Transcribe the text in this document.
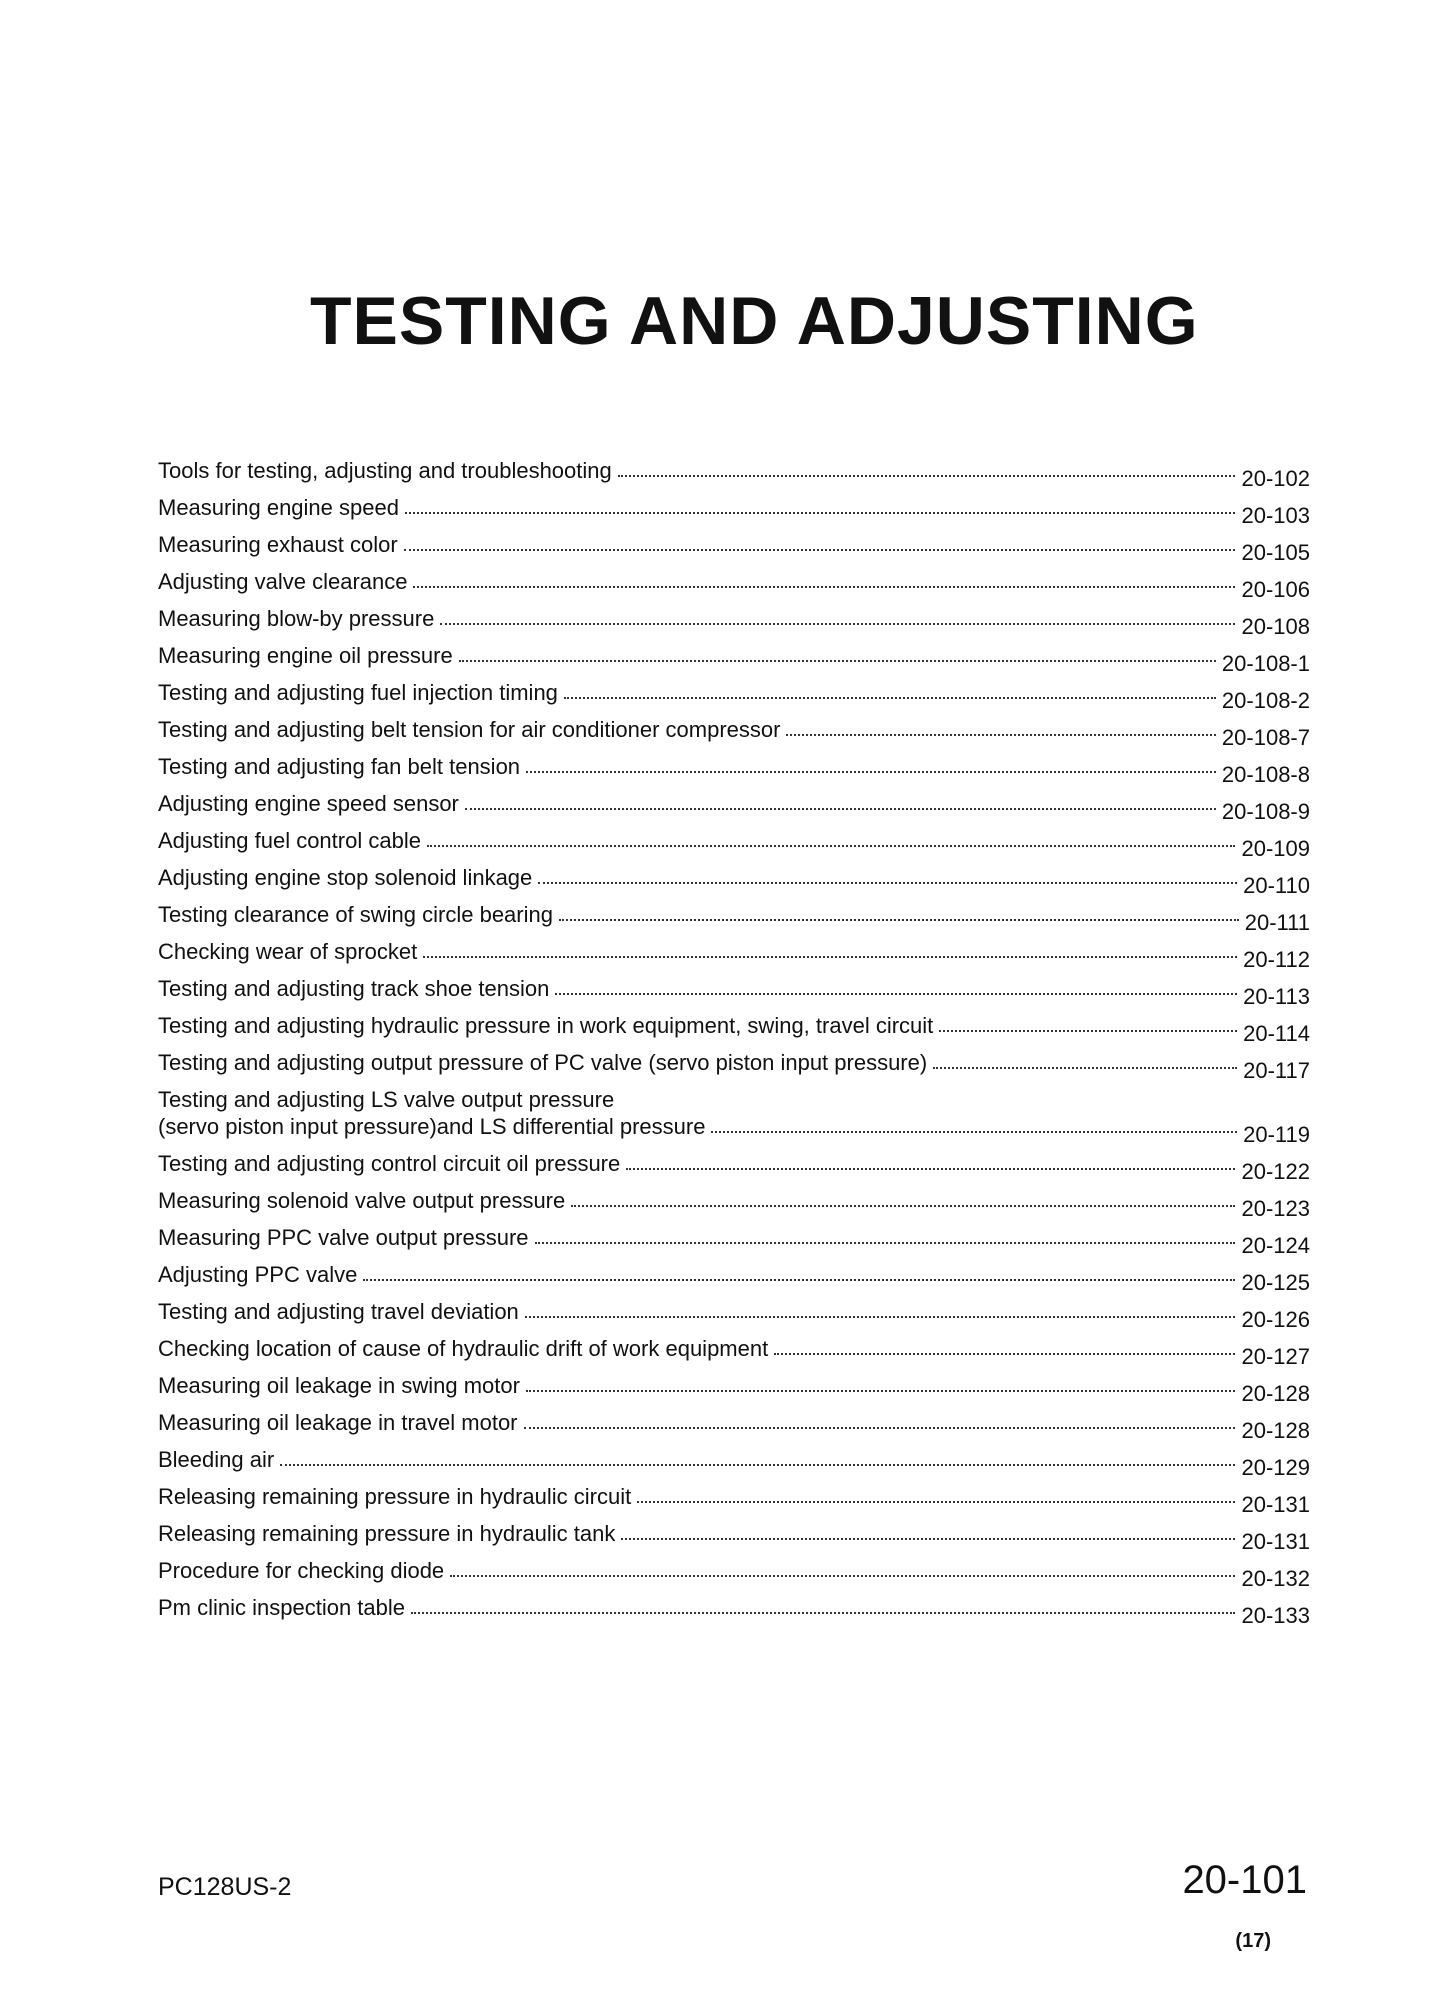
TESTING AND ADJUSTING
Tools for testing, adjusting and troubleshooting	20-102
Measuring engine speed	20-103
Measuring exhaust color	20-105
Adjusting valve clearance	20-106
Measuring blow-by pressure	20-108
Measuring engine oil pressure	20-108-1
Testing and adjusting fuel injection timing	20-108-2
Testing and adjusting belt tension for air conditioner compressor	20-108-7
Testing and adjusting fan belt tension	20-108-8
Adjusting engine speed sensor	20-108-9
Adjusting fuel control cable	20-109
Adjusting engine stop solenoid linkage	20-110
Testing clearance of swing circle bearing	20-111
Checking wear of sprocket	20-112
Testing and adjusting track shoe tension	20-113
Testing and adjusting hydraulic pressure in work equipment, swing, travel circuit	20-114
Testing and adjusting output pressure of PC valve (servo piston input pressure)	20-117
Testing and adjusting LS valve output pressure
(servo piston input pressure)and LS differential pressure	20-119
Testing and adjusting control circuit oil pressure	20-122
Measuring solenoid valve output pressure	20-123
Measuring PPC valve output pressure	20-124
Adjusting PPC valve	20-125
Testing and adjusting travel deviation	20-126
Checking location of cause of hydraulic drift of work equipment	20-127
Measuring oil leakage in swing motor	20-128
Measuring oil leakage in travel motor	20-128
Bleeding air	20-129
Releasing remaining pressure in hydraulic circuit	20-131
Releasing remaining pressure in hydraulic tank	20-131
Procedure for checking diode	20-132
Pm clinic inspection table	20-133
PC128US-2	20-101
(17)
